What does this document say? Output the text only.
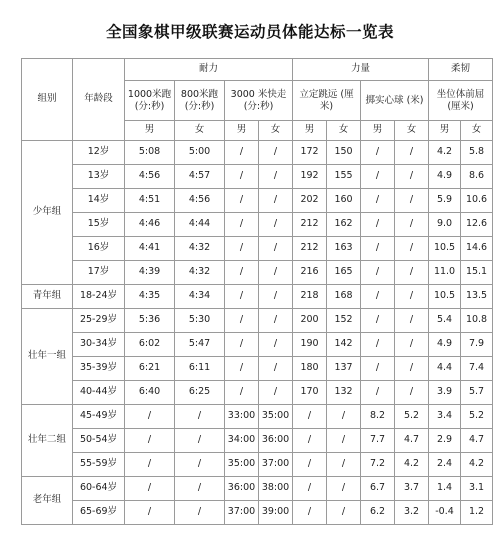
全国象棋甲级联赛运动员体能达标一览表
组别	年龄段	耐力				力量				柔韧	
		1000米跑 (分:秒)	800米跑 (分:秒)	3000 米快走 (分:秒)		立定跳远 (厘米)		掷实心球 (米)		坐位体前屈 (厘米)	
		男	女	男	女	男	女	男	女	男	女
少年组	12岁	5:08	5:00	/	/	172	150	/	/	4.2	5.8
	13岁	4:56	4:57	/	/	192	155	/	/	4.9	8.6
	14岁	4:51	4:56	/	/	202	160	/	/	5.9	10.6
	15岁	4:46	4:44	/	/	212	162	/	/	9.0	12.6
	16岁	4:41	4:32	/	/	212	163	/	/	10.5	14.6
	17岁	4:39	4:32	/	/	216	165	/	/	11.0	15.1
青年组	18-24岁	4:35	4:34	/	/	218	168	/	/	10.5	13.5
壮年一组	25-29岁	5:36	5:30	/	/	200	152	/	/	5.4	10.8
	30-34岁	6:02	5:47	/	/	190	142	/	/	4.9	7.9
	35-39岁	6:21	6:11	/	/	180	137	/	/	4.4	7.4
	40-44岁	6:40	6:25	/	/	170	132	/	/	3.9	5.7
壮年二组	45-49岁	/	/	33:00	35:00	/	/	8.2	5.2	3.4	5.2
	50-54岁	/	/	34:00	36:00	/	/	7.7	4.7	2.9	4.7
	55-59岁	/	/	35:00	37:00	/	/	7.2	4.2	2.4	4.2
老年组	60-64岁	/	/	36:00	38:00	/	/	6.7	3.7	1.4	3.1
	65-69岁	/	/	37:00	39:00	/	/	6.2	3.2	-0.4	1.2
